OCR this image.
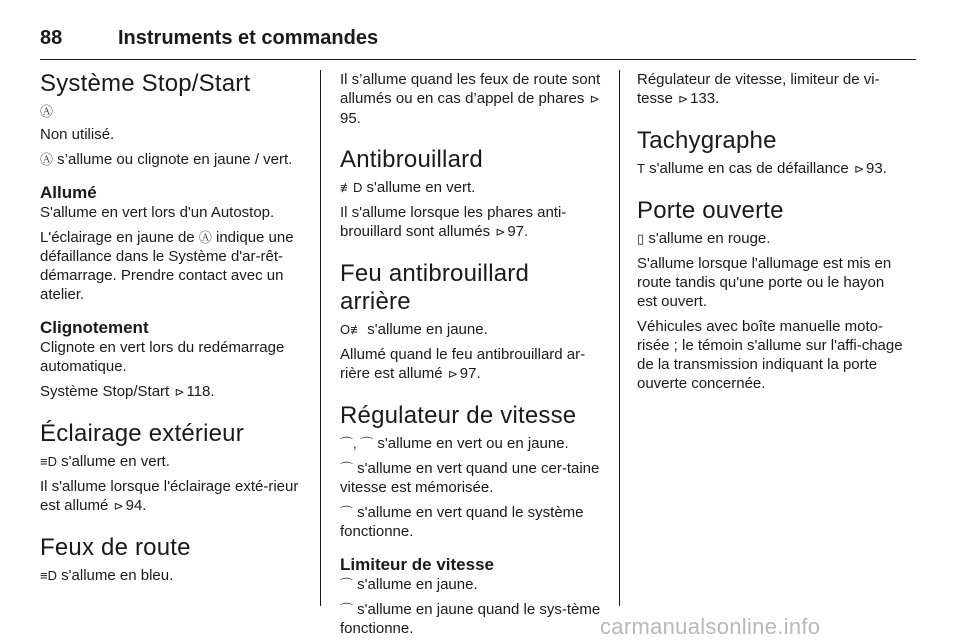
88	Instruments et commandes
Système Stop/Start

Ⓐ

Non utilisé.

Ⓐ s’allume ou clignote en jaune / vert.

Allumé

S'allume en vert lors d'un Autostop.

L'éclairage en jaune de Ⓐ indique une défaillance dans le Système d'ar-rêt-démarrage. Prendre contact avec un atelier.

Clignotement

Clignote en vert lors du redémarrage automatique.

Système Stop/Start ⊳ 118.

Éclairage extérieur

≡D s'allume en vert.

Il s'allume lorsque l'éclairage exté-rieur est allumé ⊳ 94.

Feux de route

≡D s'allume en bleu.

Il s’allume quand les feux de route sont allumés ou en cas d’appel de phares ⊳95.

Antibrouillard

≢D s'allume en vert.

Il s'allume lorsque les phares anti-brouillard sont allumés ⊳ 97.

Feu antibrouillard arrière

O≢ s'allume en jaune.

Allumé quand le feu antibrouillard ar-rière est allumé ⊳ 97.

Régulateur de vitesse

⌒, ⌒ s'allume en vert ou en jaune.

⌒ s'allume en vert quand une cer-taine vitesse est mémorisée.

⌒ s'allume en vert quand le système fonctionne.

Limiteur de vitesse

⌒ s'allume en jaune.

⌒ s'allume en jaune quand le sys-tème fonctionne.

Régulateur de vitesse, limiteur de vi-tesse ⊳ 133.

Tachygraphe

T s'allume en cas de défaillance ⊳ 93.

Porte ouverte

▯ s'allume en rouge.

S'allume lorsque l'allumage est mis en route tandis qu'une porte ou le hayon est ouvert.

Véhicules avec boîte manuelle moto-risée ; le témoin s'allume sur l'affi-chage de la transmission indiquant la porte ouverte concernée.

carmanualsonline.info
